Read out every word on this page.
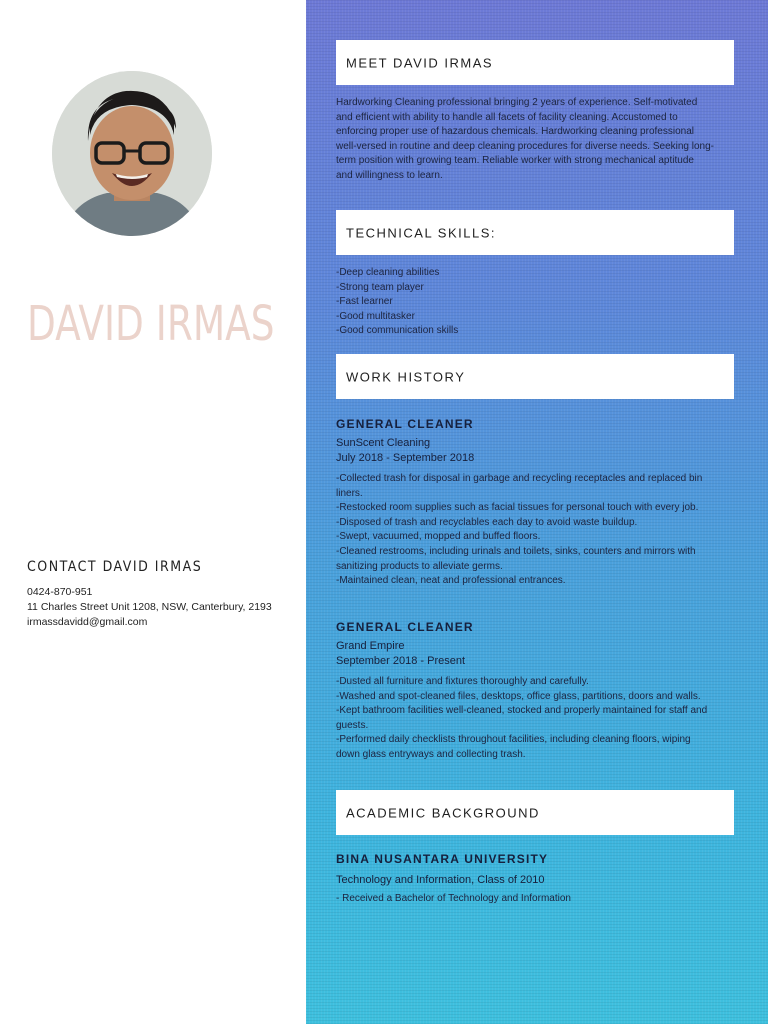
DAVID IRMAS
CONTACT DAVID IRMAS
0424-870-951
11 Charles Street Unit 1208, NSW, Canterbury, 2193
irmassdavidd@gmail.com
MEET DAVID IRMAS
Hardworking Cleaning professional bringing 2 years of experience. Self-motivated
and efficient with ability to handle all facets of facility cleaning. Accustomed to
enforcing proper use of hazardous chemicals. Hardworking cleaning professional
well-versed in routine and deep cleaning procedures for diverse needs. Seeking long-
term position with growing team. Reliable worker with strong mechanical aptitude
and willingness to learn.
TECHNICAL SKILLS:
-Deep cleaning abilities
-Strong team player
-Fast learner
-Good multitasker
-Good communication skills
WORK HISTORY
GENERAL CLEANER
SunScent Cleaning
July 2018 - September 2018
-Collected trash for disposal in garbage and recycling receptacles and replaced bin
liners.
-Restocked room supplies such as facial tissues for personal touch with every job.
-Disposed of trash and recyclables each day to avoid waste buildup.
-Swept, vacuumed, mopped and buffed floors.
-Cleaned restrooms, including urinals and toilets, sinks, counters and mirrors with
sanitizing products to alleviate germs.
-Maintained clean, neat and professional entrances.
GENERAL CLEANER
Grand Empire
September 2018 - Present
-Dusted all furniture and fixtures thoroughly and carefully.
-Washed and spot-cleaned files, desktops, office glass, partitions, doors and walls.
-Kept bathroom facilities well-cleaned, stocked and properly maintained for staff and
guests.
-Performed daily checklists throughout facilities, including cleaning floors, wiping
down glass entryways and collecting trash.
ACADEMIC BACKGROUND
BINA NUSANTARA UNIVERSITY
Technology and Information, Class of 2010
- Received a Bachelor of Technology and Information
